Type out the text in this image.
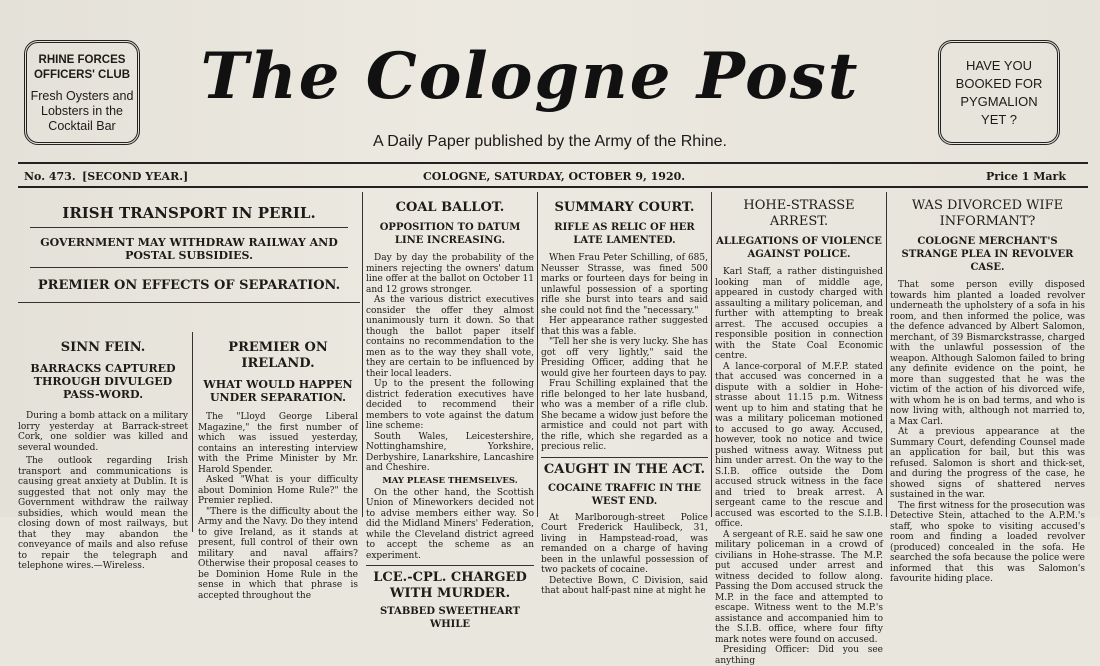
RHINE FORCES
OFFICERS' CLUB
Fresh Oysters and
Lobsters in the
Cocktail Bar
The Cologne Post
A Daily Paper published by the Army of the Rhine.
HAVE YOU
BOOKED FOR
PYGMALION
YET ?
No. 473. [SECOND YEAR.]	COLOGNE, SATURDAY, OCTOBER 9, 1920.	Price 1 Mark

IRISH TRANSPORT IN PERIL.

GOVERNMENT MAY WITHDRAW RAILWAY AND POSTAL SUBSIDIES.

PREMIER ON EFFECTS OF SEPARATION.

SINN FEIN.

BARRACKS CAPTURED THROUGH DIVULGED PASS-WORD.

During a bomb attack on a military lorry yesterday at Barrack-street Cork, one soldier was killed and several wounded.

The outlook regarding Irish transport and communications is causing great anxiety at Dublin. It is suggested that not only may the Government withdraw the railway subsidies, which would mean the closing down of most railways, but that they may abandon the conveyance of mails and also refuse to repair the telegraph and telephone wires.—Wireless.

PREMIER ON IRELAND.

WHAT WOULD HAPPEN UNDER SEPARATION.

The "Lloyd George Liberal Magazine," the first number of which was issued yesterday, contains an interesting interview with the Prime Minister by Mr. Harold Spender.

Asked "What is your difficulty about Dominion Home Rule?" the Premier replied.

"There is the difficulty about the Army and the Navy. Do they intend to give Ireland, as it stands at present, full control of their own military and naval affairs? Otherwise their proposal ceases to be Dominion Home Rule in the sense in which that phrase is accepted throughout the

COAL BALLOT.

OPPOSITION TO DATUM LINE INCREASING.

Day by day the probability of the miners rejecting the owners' datum line offer at the ballot on October 11 and 12 grows stronger.

As the various district executives consider the offer they almost unanimously turn it down. So that though the ballot paper itself contains no recommendation to the men as to the way they shall vote, they are certain to be influenced by their local leaders.

Up to the present the following district federation executives have decided to recommend their members to vote against the datum line scheme:

South Wales, Leicestershire, Nottinghamshire, Yorkshire, Derbyshire, Lanarkshire, Lancashire and Cheshire.

MAY PLEASE THEMSELVES.

On the other hand, the Scottish Union of Mineworkers decided not to advise members either way. So did the Midland Miners' Federation, while the Cleveland district agreed to accept the scheme as an experiment.

LCE.-CPL. CHARGED WITH MURDER.

STABBED SWEETHEART WHILE

SUMMARY COURT.

RIFLE AS RELIC OF HER LATE LAMENTED.

When Frau Peter Schilling, of 685, Neusser Strasse, was fined 500 marks or fourteen days for being in unlawful possession of a sporting rifle she burst into tears and said she could not find the "necessary."

Her appearance rather suggested that this was a fable.

"Tell her she is very lucky. She has got off very lightly," said the Presiding Officer, adding that he would give her fourteen days to pay.

Frau Schilling explained that the rifle belonged to her late husband, who was a member of a rifle club. She became a widow just before the armistice and could not part with the rifle, which she regarded as a precious relic.

CAUGHT IN THE ACT.

COCAINE TRAFFIC IN THE WEST END.

At Marlborough-street Police Court Frederick Haulibeck, 31, living in Hampstead-road, was remanded on a charge of having been in the unlawful possession of two packets of cocaine.

Detective Bown, C Division, said that about half-past nine at night he

HOHE-STRASSE ARREST.

ALLEGATIONS OF VIOLENCE AGAINST POLICE.

Karl Staff, a rather distinguished looking man of middle age, appeared in custody charged with assaulting a military policeman, and further with attempting to break arrest. The accused occupies a responsible position in connection with the State Coal Economic centre.

A lance-corporal of M.F.P. stated that accused was concerned in a dispute with a soldier in Hohe-strasse about 11.15 p.m. Witness went up to him and stating that he was a military policeman motioned to accused to go away. Accused, however, took no notice and twice pushed witness away. Witness put him under arrest. On the way to the S.I.B. office outside the Dom accused struck witness in the face and tried to break arrest. A sergeant came to the rescue and accused was escorted to the S.I.B. office.

A sergeant of R.E. said he saw one military policeman in a crowd of civilians in Hohe-strasse. The M.P. put accused under arrest and witness decided to follow along. Passing the Dom accused struck the M.P. in the face and attempted to escape. Witness went to the M.P.'s assistance and accompanied him to the S.I.B. office, where four fifty mark notes were found on accused.

Presiding Officer: Did you see anything

WAS DIVORCED WIFE INFORMANT?

COLOGNE MERCHANT'S STRANGE PLEA IN REVOLVER CASE.

That some person evilly disposed towards him planted a loaded revolver underneath the upholstery of a sofa in his room, and then informed the police, was the defence advanced by Albert Salomon, merchant, of 39 Bismarckstrasse, charged with the unlawful possession of the weapon. Although Salomon failed to bring any definite evidence on the point, he more than suggested that he was the victim of the action of his divorced wife, with whom he is on bad terms, and who is now living with, although not married to, a Max Carl.

At a previous appearance at the Summary Court, defending Counsel made an application for bail, but this was refused. Salomon is short and thick-set, and during the progress of the case, he showed signs of shattered nerves sustained in the war.

The first witness for the prosecution was Detective Stein, attached to the A.P.M.'s staff, who spoke to visiting accused's room and finding a loaded revolver (produced) concealed in the sofa. He searched the sofa because the police were informed that this was Salomon's favourite hiding place.
